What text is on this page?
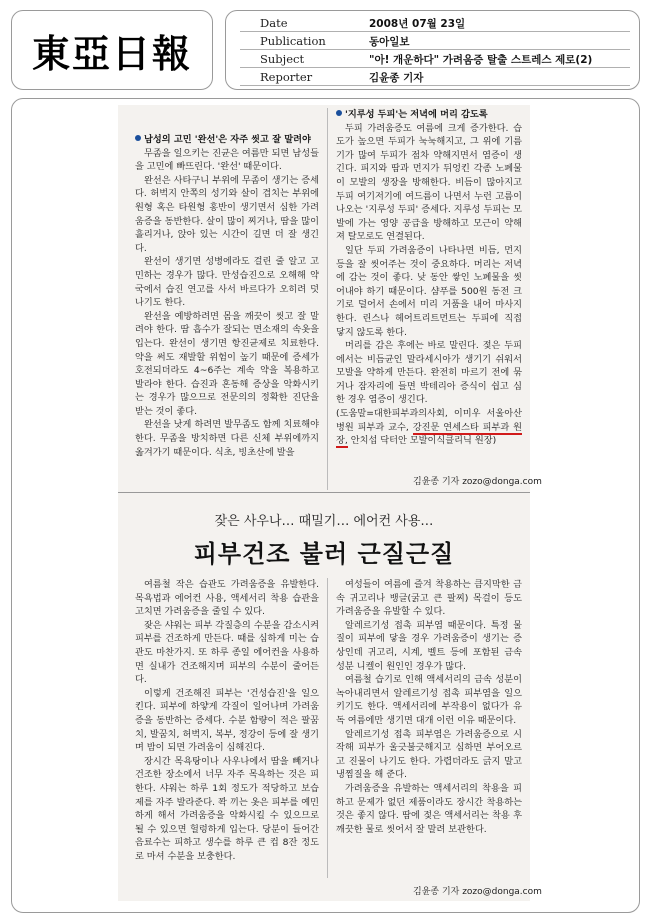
東亞日報
Date	2008년 07월 23일
Publication	동아일보
Subject	"아! 개운하다" 가려움증 탈출 스트레스 제로(2)
Reporter	김윤종 기자

남성의 고민 '완선'은 자주 씻고 잘 말려야

무좀을 일으키는 진균은 여름만 되면 남성들을 고민에 빠뜨린다. '완선' 때문이다.

완선은 사타구니 부위에 무좀이 생기는 증세다. 허벅지 안쪽의 성기와 살이 겹치는 부위에 원형 혹은 타원형 홍반이 생기면서 심한 가려움증을 동반한다. 살이 많이 찌거나, 땀을 많이 흘리거나, 앉아 있는 시간이 길면 더 잘 생긴다.

완선이 생기면 성병에라도 걸린 줄 알고 고민하는 경우가 많다. 만성습진으로 오해해 약국에서 습진 연고를 사서 바르다가 오히려 덧나기도 한다.

완선을 예방하려면 몸을 깨끗이 씻고 잘 말려야 한다. 땀 흡수가 잘되는 면소재의 속옷을 입는다. 완선이 생기면 항진균제로 치료한다. 약을 써도 재발할 위험이 높기 때문에 증세가 호전되더라도 4~6주는 계속 약을 복용하고 발라야 한다. 습진과 혼동해 증상을 악화시키는 경우가 많으므로 전문의의 정확한 진단을 받는 것이 좋다.

완선을 낫게 하려면 발무좀도 함께 치료해야 한다. 무좀을 방치하면 다른 신체 부위에까지 옮겨가기 때문이다. 식초, 빙초산에 발을

'지루성 두피'는 저녁에 머리 감도록

두피 가려움증도 여름에 크게 증가한다. 습도가 높으면 두피가 눅눅해지고, 그 위에 기름기가 많여 두피가 점차 약해지면서 염증이 생긴다. 피지와 땀과 먼지가 뒤엉킨 각종 노폐물이 모발의 생장을 방해한다. 비듬이 많아지고 두피 여기저기에 여드름이 나면서 누런 고름이 나오는 '지루성 두피' 증세다. 지루성 두피는 모발에 가는 영양 공급을 방해하고 모근이 약해져 탈모로도 연결된다.

일단 두피 가려움증이 나타나면 비듬, 먼지 등을 잘 씻어주는 것이 중요하다. 머리는 저녁에 감는 것이 좋다. 낮 동안 쌓인 노폐물을 씻어내야 하기 때문이다. 샴푸를 500원 동전 크기로 덜어서 손에서 미리 거품을 내어 마사지한다. 린스나 헤어트리트먼트는 두피에 직접 닿지 않도록 한다.

머리를 감은 후에는 바로 말린다. 젖은 두피에서는 비듬균인 말라세시아가 생기기 쉬워서 모발을 약하게 만든다. 완전히 마르기 전에 묶거나 잠자리에 들면 박테리아 증식이 쉽고 심한 경우 염증이 생긴다.

(도움말=대한피부과의사회, 이미우 서울아산병원 피부과 교수, 강진문 연세스타 피부과 원장, 안치섭 닥터안 모발이식클리닉 원장)

김윤종 기자 zozo@donga.com
잦은 사우나… 때밀기… 에어컨 사용…
피부건조 불러 근질근질

여름철 작은 습관도 가려움증을 유발한다. 목욕법과 에어컨 사용, 액세서리 착용 습관을 고치면 가려움증을 줄일 수 있다.

잦은 샤워는 피부 각질층의 수분을 감소시켜 피부를 건조하게 만든다. 때를 심하게 미는 습관도 마찬가지. 또 하루 종일 에어컨을 사용하면 실내가 건조해지며 피부의 수분이 줄어든다.

이렇게 건조해진 피부는 '건성습진'을 일으킨다. 피부에 하얗게 각질이 일어나며 가려움증을 동반하는 증세다. 수분 함량이 적은 팔꿈치, 발꿈치, 허벅지, 복부, 정강이 등에 잘 생기며 밤이 되면 가려움이 심해진다.

장시간 목욕탕이나 사우나에서 땀을 빼거나 건조한 장소에서 너무 자주 목욕하는 것은 피한다. 샤워는 하루 1회 정도가 적당하고 보습제를 자주 발라준다. 꽉 끼는 옷은 피부를 예민하게 해서 가려움증을 악화시킬 수 있으므로 될 수 있으면 헐렁하게 입는다. 당분이 들어간 음료수는 피하고 생수를 하루 큰 컵 8잔 정도로 마셔 수분을 보충한다.

여성들이 여름에 즐겨 착용하는 큼지막한 금속 귀고리나 뱅글(굵고 큰 팔찌) 목걸이 등도 가려움증을 유발할 수 있다.

알레르기성 접촉 피부염 때문이다. 특정 물질이 피부에 닿을 경우 가려움증이 생기는 증상인데 귀고리, 시계, 벨트 등에 포함된 금속 성분 니켈이 원인인 경우가 많다.

여름철 습기로 인해 액세서리의 금속 성분이 녹아내리면서 알레르기성 접촉 피부염을 일으키기도 한다. 액세서리에 부작용이 없다가 유독 여름에만 생기면 대개 이런 이유 때문이다.

알레르기성 접촉 피부염은 가려움증으로 시작해 피부가 울긋불긋해지고 심하면 부어오르고 진물이 나기도 한다. 가렵더라도 긁지 말고 냉찜질을 해 준다.

가려움증을 유발하는 액세서리의 착용을 피하고 문제가 없던 제품이라도 장시간 착용하는 것은 좋지 않다. 땀에 젖은 액세서리는 착용 후 깨끗한 물로 씻어서 잘 말려 보관한다.

김윤종 기자 zozo@donga.com
